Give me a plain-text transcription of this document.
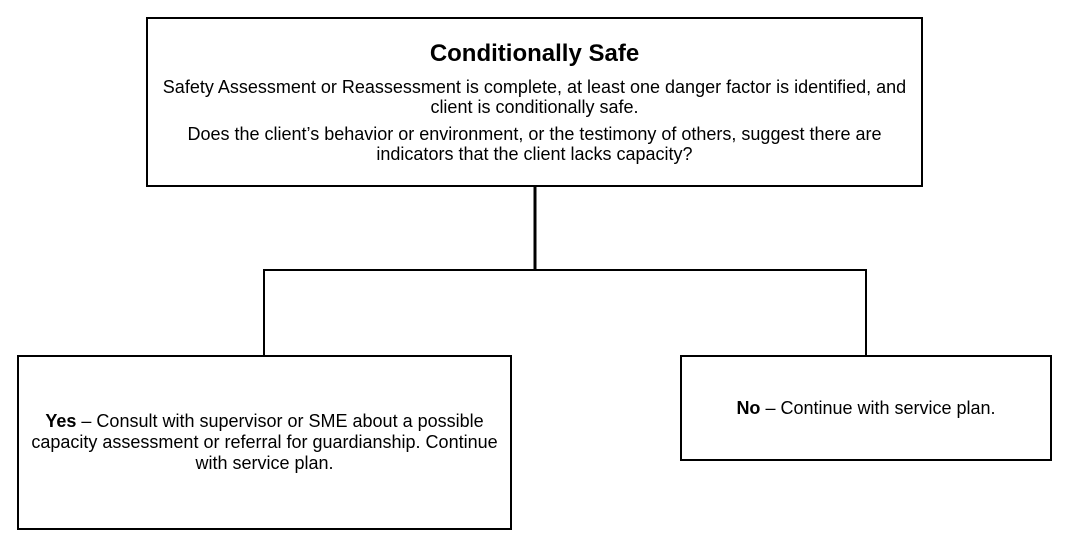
Conditionally Safe
Safety Assessment or Reassessment is complete, at least one danger factor is identified, and client is conditionally safe.
Does the client’s behavior or environment, or the testimony of others, suggest there are indicators that the client lacks capacity?
Yes – Consult with supervisor or SME about a possible capacity assessment or referral for guardianship. Continue with service plan.
No – Continue with service plan.
